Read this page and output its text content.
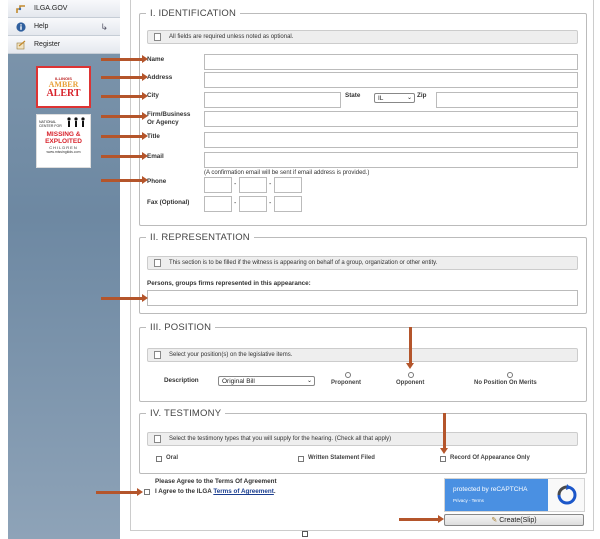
ILGA.GOV
Help	↳
Register
ILLINOIS
AMBER
ALERT
NATIONAL
CENTER FOR
MISSING &
EXPLOITED
CHILDREN
www.missingkids.com
I. IDENTIFICATION
All fields are required unless noted as optional.
Name
Address
City	State	IL	⌄ Zip
Firm/Business
Or Agency
Title
Email
(A confirmation email will be sent if email address is provided.)
Phone	-	-
Fax (Optional)	-	-
II. REPRESENTATION
This section is to be filled if the witness is appearing on behalf of a group, organization or other entity.
Persons, groups firms represented in this appearance:
III. POSITION
Select your position(s) on the legislative items.
Description	Original Bill	⌄	Proponent	Opponent	No Position On Merits
IV. TESTIMONY
Select the testimony types that you will supply for the hearing. (Check all that apply)
Oral	Written Statement Filed	Record Of Appearance Only
Please Agree to the Terms Of Agreement
I Agree to the ILGA Terms of Agreement.	protected by reCAPTCHA
Privacy - Terms
✎ Create(Slip)
